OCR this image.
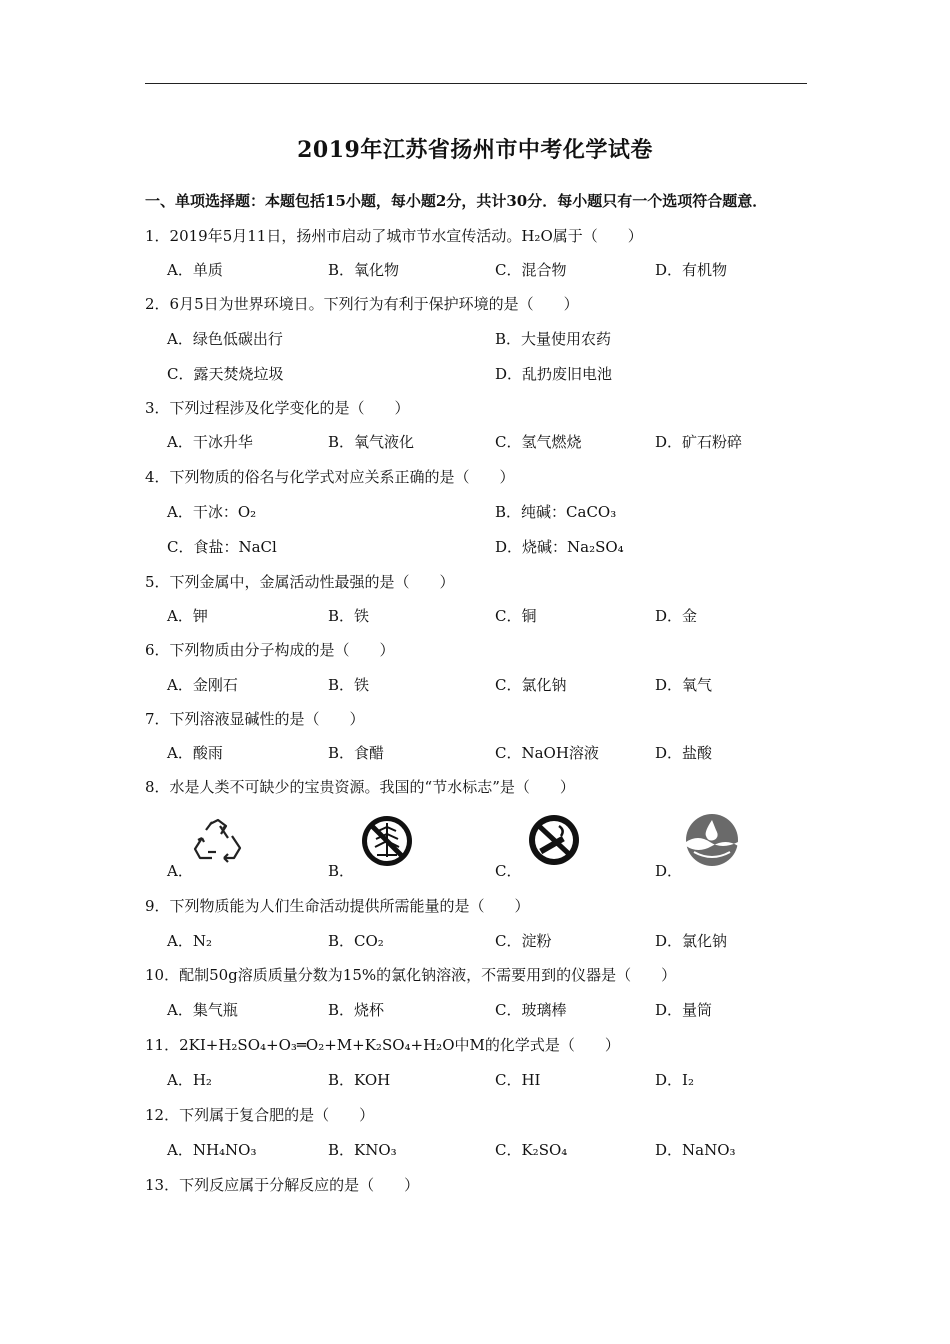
2019年江苏省扬州市中考化学试卷
一、单项选择题：本题包括15小题，每小题2分，共计30分．每小题只有一个选项符合题意．
1．2019年5月11日，扬州市启动了城市节水宣传活动。H₂O属于（　　）
A．单质	B．氧化物	C．混合物	D．有机物
2．6月5日为世界环境日。下列行为有利于保护环境的是（　　）
A．绿色低碳出行	B．大量使用农药
C．露天焚烧垃圾	D．乱扔废旧电池
3．下列过程涉及化学变化的是（　　）
A．干冰升华	B．氧气液化	C．氢气燃烧	D．矿石粉碎
4．下列物质的俗名与化学式对应关系正确的是（　　）
A．干冰：O₂	B．纯碱：CaCO₃
C．食盐：NaCl	D．烧碱：Na₂SO₄
5．下列金属中，金属活动性最强的是（　　）
A．钾	B．铁	C．铜	D．金
6．下列物质由分子构成的是（　　）
A．金刚石	B．铁	C．氯化钠	D．氧气
7．下列溶液显碱性的是（　　）
A．酸雨	B．食醋	C．NaOH溶液	D．盐酸
8．水是人类不可缺少的宝贵资源。我国的“节水标志”是（　　）
A．	B．	C．	D．
9．下列物质能为人们生命活动提供所需能量的是（　　）
A．N₂	B．CO₂	C．淀粉	D．氯化钠
10．配制50g溶质质量分数为15%的氯化钠溶液，不需要用到的仪器是（　　）
A．集气瓶	B．烧杯	C．玻璃棒	D．量筒
11．2KI+H₂SO₄+O₃═O₂+M+K₂SO₄+H₂O中M的化学式是（　　）
A．H₂	B．KOH	C．HI	D．I₂
12．下列属于复合肥的是（　　）
A．NH₄NO₃	B．KNO₃	C．K₂SO₄	D．NaNO₃
13．下列反应属于分解反应的是（　　）
